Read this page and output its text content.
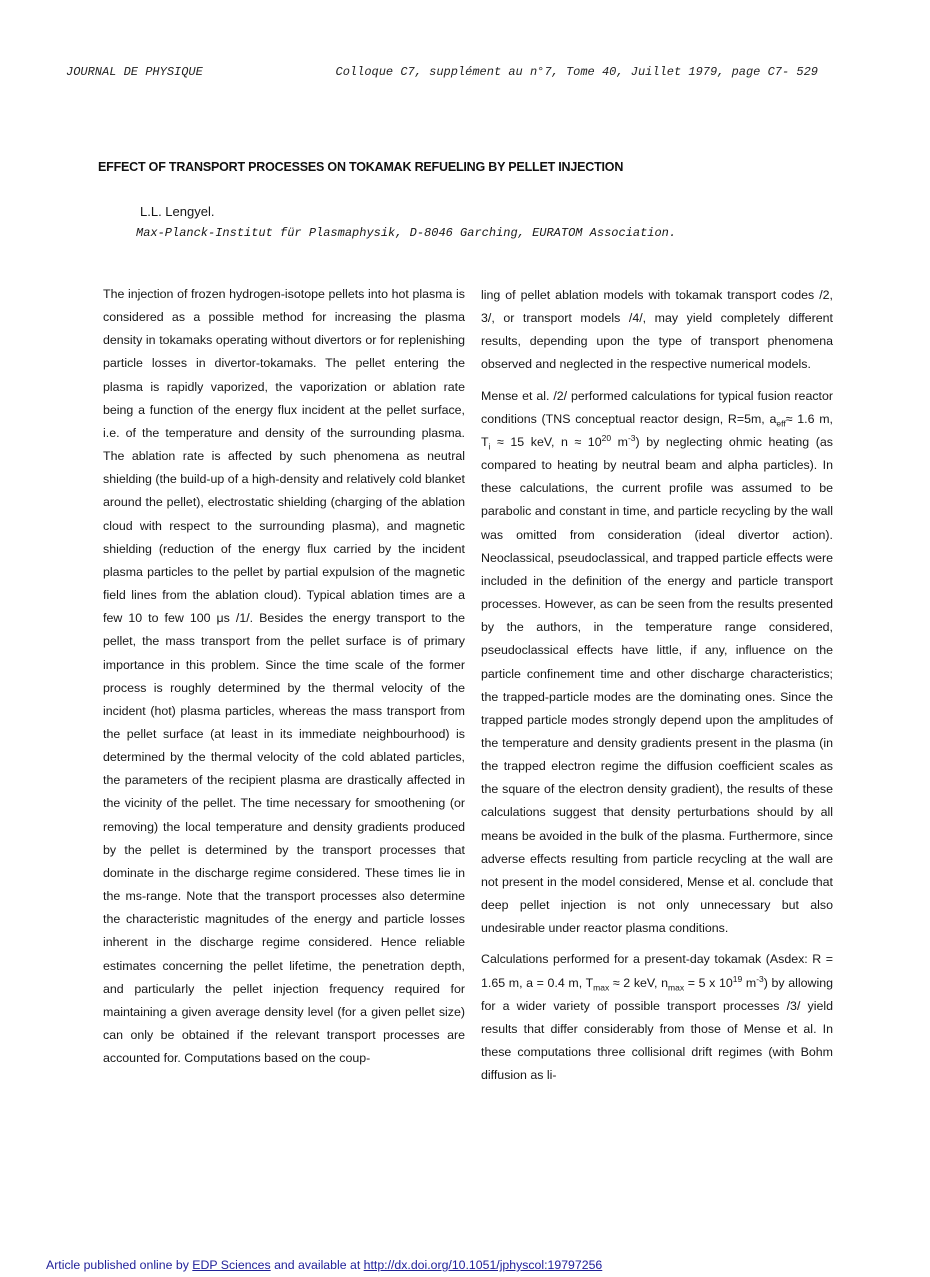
JOURNAL DE PHYSIQUE	Colloque C7, supplément au n°7, Tome 40, Juillet 1979, page C7- 529
EFFECT OF TRANSPORT PROCESSES ON TOKAMAK REFUELING BY PELLET INJECTION
L.L. Lengyel.
Max-Planck-Institut für Plasmaphysik, D-8046 Garching, EURATOM Association.

The injection of frozen hydrogen-isotope pellets into hot plasma is considered as a possible method for increasing the plasma density in tokamaks operating without divertors or for replenishing particle losses in divertor-tokamaks. The pellet entering the plasma is rapidly vaporized, the vaporization or ablation rate being a function of the energy flux incident at the pellet surface, i.e. of the temperature and density of the surrounding plasma. The ablation rate is affected by such phenomena as neutral shielding (the build-up of a high-density and relatively cold blanket around the pellet), electrostatic shielding (charging of the ablation cloud with respect to the surrounding plasma), and magnetic shielding (reduction of the energy flux carried by the incident plasma particles to the pellet by partial expulsion of the magnetic field lines from the ablation cloud). Typical ablation times are a few 10 to few 100 μs /1/. Besides the energy transport to the pellet, the mass transport from the pellet surface is of primary importance in this problem. Since the time scale of the former process is roughly determined by the thermal velocity of the incident (hot) plasma particles, whereas the mass transport from the pellet surface (at least in its immediate neighbourhood) is determined by the thermal velocity of the cold ablated particles, the parameters of the recipient plasma are drastically affected in the vicinity of the pellet. The time necessary for smoothening (or removing) the local temperature and density gradients produced by the pellet is determined by the transport processes that dominate in the discharge regime considered. These times lie in the ms-range. Note that the transport processes also determine the characteristic magnitudes of the energy and particle losses inherent in the discharge regime considered. Hence reliable estimates concerning the pellet lifetime, the penetration depth, and particularly the pellet injection frequency required for maintaining a given average density level (for a given pellet size) can only be obtained if the relevant transport processes are accounted for. Computations based on the coup-

ling of pellet ablation models with tokamak transport codes /2, 3/, or transport models /4/, may yield completely different results, depending upon the type of transport phenomena observed and neglected in the respective numerical models.

Mense et al. /2/ performed calculations for typical fusion reactor conditions (TNS conceptual reactor design, R=5m, $a_{eff}\approx 1.6$ m, $T_i \approx 15$ keV, $n \approx 10^{20}$ $m^{-3}$) by neglecting ohmic heating (as compared to heating by neutral beam and alpha particles). In these calculations, the current profile was assumed to be parabolic and constant in time, and particle recycling by the wall was omitted from consideration (ideal divertor action). Neoclassical, pseudoclassical, and trapped particle effects were included in the definition of the energy and particle transport processes. However, as can be seen from the results presented by the authors, in the temperature range considered, pseudoclassical effects have little, if any, influence on the particle confinement time and other discharge characteristics; the trapped-particle modes are the dominating ones. Since the trapped particle modes strongly depend upon the amplitudes of the temperature and density gradients present in the plasma (in the trapped electron regime the diffusion coefficient scales as the square of the electron density gradient), the results of these calculations suggest that density perturbations should by all means be avoided in the bulk of the plasma. Furthermore, since adverse effects resulting from particle recycling at the wall are not present in the model considered, Mense et al. conclude that deep pellet injection is not only unnecessary but also undesirable under reactor plasma conditions.

Calculations performed for a present-day tokamak (Asdex: R = 1.65 m, a = 0.4 m, $T_{max} \approx 2$ keV, $n_{max} = 5$ x $10^{19}$ $m^{-3}$) by allowing for a wider variety of possible transport processes /3/ yield results that differ considerably from those of Mense et al. In these computations three collisional drift regimes (with Bohm diffusion as li-

Article published online by EDP Sciences and available at http://dx.doi.org/10.1051/jphyscol:19797256
